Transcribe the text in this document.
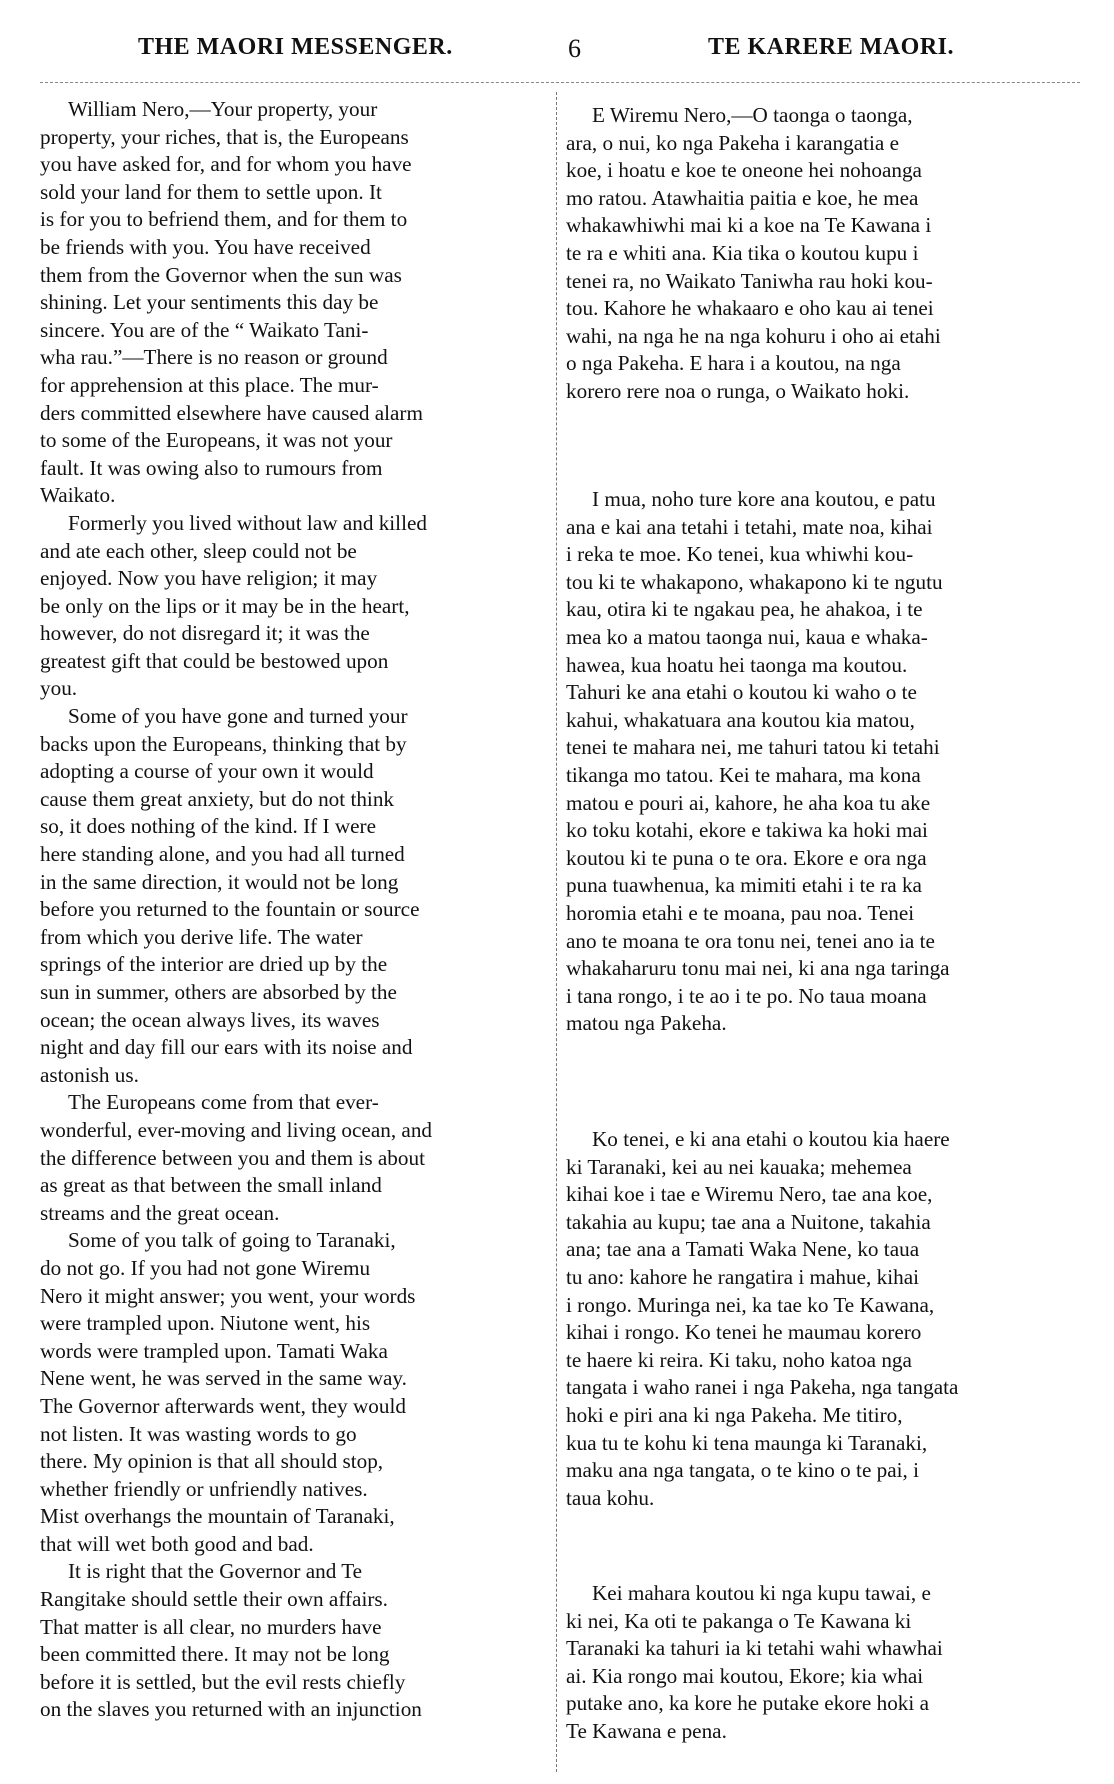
THE MAORI MESSENGER.	6	TE KARERE MAORI.

William Nero,—Your property, your
property, your riches, that is, the Europeans
you have asked for, and for whom you have
sold your land for them to settle upon. It
is for you to befriend them, and for them to
be friends with you. You have received
them from the Governor when the sun was
shining. Let your sentiments this day be
sincere. You are of the “ Waikato Tani-
wha rau.”—There is no reason or ground
for apprehension at this place. The mur-
ders committed elsewhere have caused alarm
to some of the Europeans, it was not your
fault. It was owing also to rumours from
Waikato.

Formerly you lived without law and killed
and ate each other, sleep could not be
enjoyed. Now you have religion; it may
be only on the lips or it may be in the heart,
however, do not disregard it; it was the
greatest gift that could be bestowed upon
you.

Some of you have gone and turned your
backs upon the Europeans, thinking that by
adopting a course of your own it would
cause them great anxiety, but do not think
so, it does nothing of the kind. If I were
here standing alone, and you had all turned
in the same direction, it would not be long
before you returned to the fountain or source
from which you derive life. The water
springs of the interior are dried up by the
sun in summer, others are absorbed by the
ocean; the ocean always lives, its waves
night and day fill our ears with its noise and
astonish us.

The Europeans come from that ever-
wonderful, ever-moving and living ocean, and
the difference between you and them is about
as great as that between the small inland
streams and the great ocean.

Some of you talk of going to Taranaki,
do not go. If you had not gone Wiremu
Nero it might answer; you went, your words
were trampled upon. Niutone went, his
words were trampled upon. Tamati Waka
Nene went, he was served in the same way.
The Governor afterwards went, they would
not listen. It was wasting words to go
there. My opinion is that all should stop,
whether friendly or unfriendly natives.
Mist overhangs the mountain of Taranaki,
that will wet both good and bad.

It is right that the Governor and Te
Rangitake should settle their own affairs.
That matter is all clear, no murders have
been committed there. It may not be long
before it is settled, but the evil rests chiefly
on the slaves you returned with an injunction

E Wiremu Nero,—O taonga o taonga,
ara, o nui, ko nga Pakeha i karangatia e
koe, i hoatu e koe te oneone hei nohoanga
mo ratou. Atawhaitia paitia e koe, he mea
whakawhiwhi mai ki a koe na Te Kawana i
te ra e whiti ana. Kia tika o koutou kupu i
tenei ra, no Waikato Taniwha rau hoki kou-
tou. Kahore he whakaaro e oho kau ai tenei
wahi, na nga he na nga kohuru i oho ai etahi
o nga Pakeha. E hara i a koutou, na nga
korero rere noa o runga, o Waikato hoki.

I mua, noho ture kore ana koutou, e patu
ana e kai ana tetahi i tetahi, mate noa, kihai
i reka te moe. Ko tenei, kua whiwhi kou-
tou ki te whakapono, whakapono ki te ngutu
kau, otira ki te ngakau pea, he ahakoa, i te
mea ko a matou taonga nui, kaua e whaka-
hawea, kua hoatu hei taonga ma koutou.
Tahuri ke ana etahi o koutou ki waho o te
kahui, whakatuara ana koutou kia matou,
tenei te mahara nei, me tahuri tatou ki tetahi
tikanga mo tatou. Kei te mahara, ma kona
matou e pouri ai, kahore, he aha koa tu ake
ko toku kotahi, ekore e takiwa ka hoki mai
koutou ki te puna o te ora. Ekore e ora nga
puna tuawhenua, ka mimiti etahi i te ra ka
horomia etahi e te moana, pau noa. Tenei
ano te moana te ora tonu nei, tenei ano ia te
whakaharuru tonu mai nei, ki ana nga taringa
i tana rongo, i te ao i te po. No taua moana
matou nga Pakeha.

Ko tenei, e ki ana etahi o koutou kia haere
ki Taranaki, kei au nei kauaka; mehemea
kihai koe i tae e Wiremu Nero, tae ana koe,
takahia au kupu; tae ana a Nuitone, takahia
ana; tae ana a Tamati Waka Nene, ko taua
tu ano: kahore he rangatira i mahue, kihai
i rongo. Muringa nei, ka tae ko Te Kawana,
kihai i rongo. Ko tenei he maumau korero
te haere ki reira. Ki taku, noho katoa nga
tangata i waho ranei i nga Pakeha, nga tangata
hoki e piri ana ki nga Pakeha. Me titiro,
kua tu te kohu ki tena maunga ki Taranaki,
maku ana nga tangata, o te kino o te pai, i
taua kohu.

Kei mahara koutou ki nga kupu tawai, e
ki nei, Ka oti te pakanga o Te Kawana ki
Taranaki ka tahuri ia ki tetahi wahi whawhai
ai. Kia rongo mai koutou, Ekore; kia whai
putake ano, ka kore he putake ekore hoki a
Te Kawana e pena.
